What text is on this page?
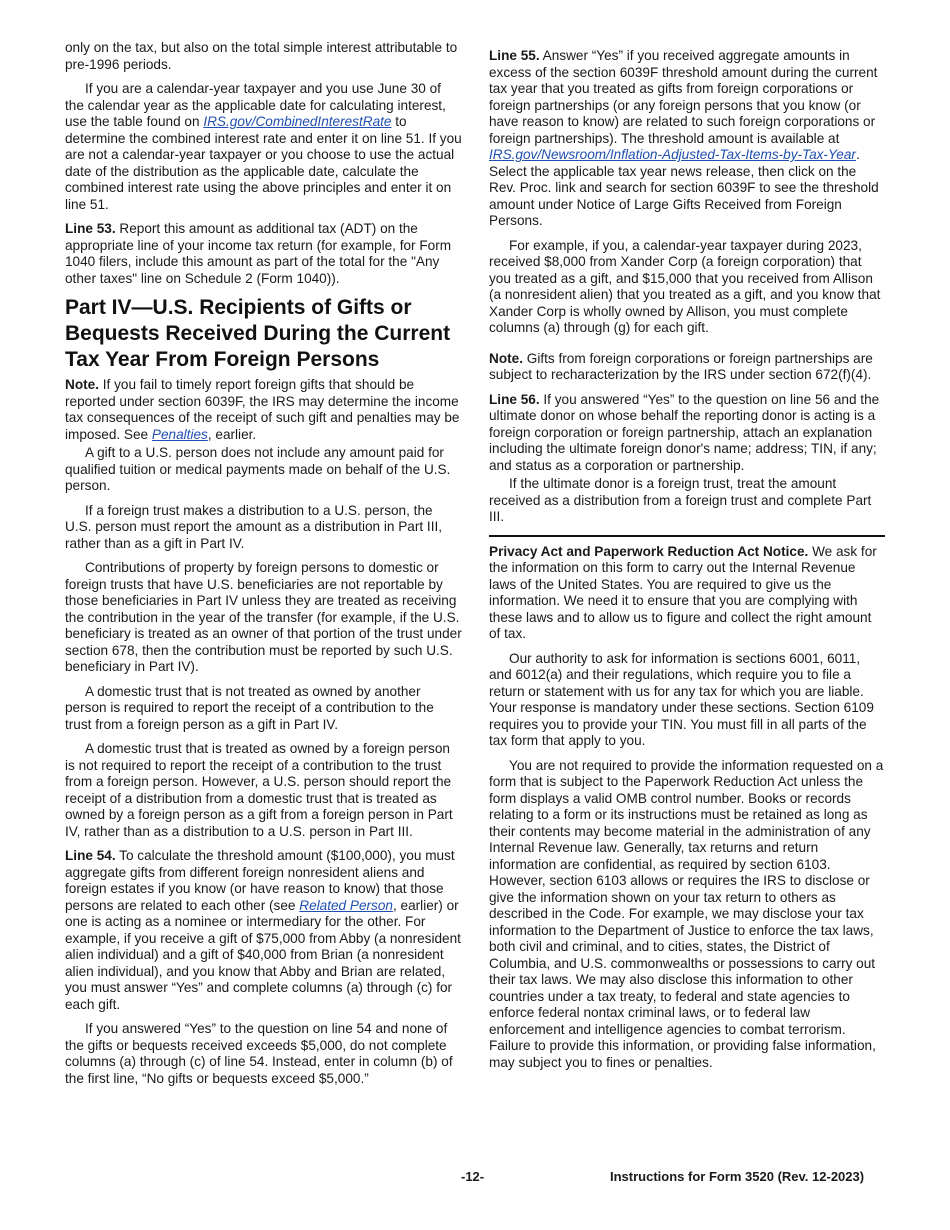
only on the tax, but also on the total simple interest attributable to pre-1996 periods.

If you are a calendar-year taxpayer and you use June 30 of the calendar year as the applicable date for calculating interest, use the table found on IRS.gov/CombinedInterestRate to determine the combined interest rate and enter it on line 51. If you are not a calendar-year taxpayer or you choose to use the actual date of the distribution as the applicable date, calculate the combined interest rate using the above principles and enter it on line 51.

Line 53. Report this amount as additional tax (ADT) on the appropriate line of your income tax return (for example, for Form 1040 filers, include this amount as part of the total for the "Any other taxes" line on Schedule 2 (Form 1040)).

Part IV—U.S. Recipients of Gifts or Bequests Received During the Current Tax Year From Foreign Persons

Note. If you fail to timely report foreign gifts that should be reported under section 6039F, the IRS may determine the income tax consequences of the receipt of such gift and penalties may be imposed. See Penalties, earlier.

A gift to a U.S. person does not include any amount paid for qualified tuition or medical payments made on behalf of the U.S. person.

If a foreign trust makes a distribution to a U.S. person, the U.S. person must report the amount as a distribution in Part III, rather than as a gift in Part IV.

Contributions of property by foreign persons to domestic or foreign trusts that have U.S. beneficiaries are not reportable by those beneficiaries in Part IV unless they are treated as receiving the contribution in the year of the transfer (for example, if the U.S. beneficiary is treated as an owner of that portion of the trust under section 678, then the contribution must be reported by such U.S. beneficiary in Part IV).

A domestic trust that is not treated as owned by another person is required to report the receipt of a contribution to the trust from a foreign person as a gift in Part IV.

A domestic trust that is treated as owned by a foreign person is not required to report the receipt of a contribution to the trust from a foreign person. However, a U.S. person should report the receipt of a distribution from a domestic trust that is treated as owned by a foreign person as a gift from a foreign person in Part IV, rather than as a distribution to a U.S. person in Part III.

Line 54. To calculate the threshold amount ($100,000), you must aggregate gifts from different foreign nonresident aliens and foreign estates if you know (or have reason to know) that those persons are related to each other (see Related Person, earlier) or one is acting as a nominee or intermediary for the other. For example, if you receive a gift of $75,000 from Abby (a nonresident alien individual) and a gift of $40,000 from Brian (a nonresident alien individual), and you know that Abby and Brian are related, you must answer “Yes” and complete columns (a) through (c) for each gift.

If you answered “Yes” to the question on line 54 and none of the gifts or bequests received exceeds $5,000, do not complete columns (a) through (c) of line 54. Instead, enter in column (b) of the first line, “No gifts or bequests exceed $5,000.”

Line 55. Answer “Yes” if you received aggregate amounts in excess of the section 6039F threshold amount during the current tax year that you treated as gifts from foreign corporations or foreign partnerships (or any foreign persons that you know (or have reason to know) are related to such foreign corporations or foreign partnerships). The threshold amount is available at IRS.gov/Newsroom/Inflation-Adjusted-Tax-Items-by-Tax-Year. Select the applicable tax year news release, then click on the Rev. Proc. link and search for section 6039F to see the threshold amount under Notice of Large Gifts Received from Foreign Persons.

For example, if you, a calendar-year taxpayer during 2023, received $8,000 from Xander Corp (a foreign corporation) that you treated as a gift, and $15,000 that you received from Allison (a nonresident alien) that you treated as a gift, and you know that Xander Corp is wholly owned by Allison, you must complete columns (a) through (g) for each gift.

Note. Gifts from foreign corporations or foreign partnerships are subject to recharacterization by the IRS under section 672(f)(4).

Line 56. If you answered “Yes” to the question on line 56 and the ultimate donor on whose behalf the reporting donor is acting is a foreign corporation or foreign partnership, attach an explanation including the ultimate foreign donor's name; address; TIN, if any; and status as a corporation or partnership.

If the ultimate donor is a foreign trust, treat the amount received as a distribution from a foreign trust and complete Part III.

Privacy Act and Paperwork Reduction Act Notice. We ask for the information on this form to carry out the Internal Revenue laws of the United States. You are required to give us the information. We need it to ensure that you are complying with these laws and to allow us to figure and collect the right amount of tax.

Our authority to ask for information is sections 6001, 6011, and 6012(a) and their regulations, which require you to file a return or statement with us for any tax for which you are liable. Your response is mandatory under these sections. Section 6109 requires you to provide your TIN. You must fill in all parts of the tax form that apply to you.

You are not required to provide the information requested on a form that is subject to the Paperwork Reduction Act unless the form displays a valid OMB control number. Books or records relating to a form or its instructions must be retained as long as their contents may become material in the administration of any Internal Revenue law. Generally, tax returns and return information are confidential, as required by section 6103. However, section 6103 allows or requires the IRS to disclose or give the information shown on your tax return to others as described in the Code. For example, we may disclose your tax information to the Department of Justice to enforce the tax laws, both civil and criminal, and to cities, states, the District of Columbia, and U.S. commonwealths or possessions to carry out their tax laws. We may also disclose this information to other countries under a tax treaty, to federal and state agencies to enforce federal nontax criminal laws, or to federal law enforcement and intelligence agencies to combat terrorism. Failure to provide this information, or providing false information, may subject you to fines or penalties.

-12-	Instructions for Form 3520 (Rev. 12-2023)
